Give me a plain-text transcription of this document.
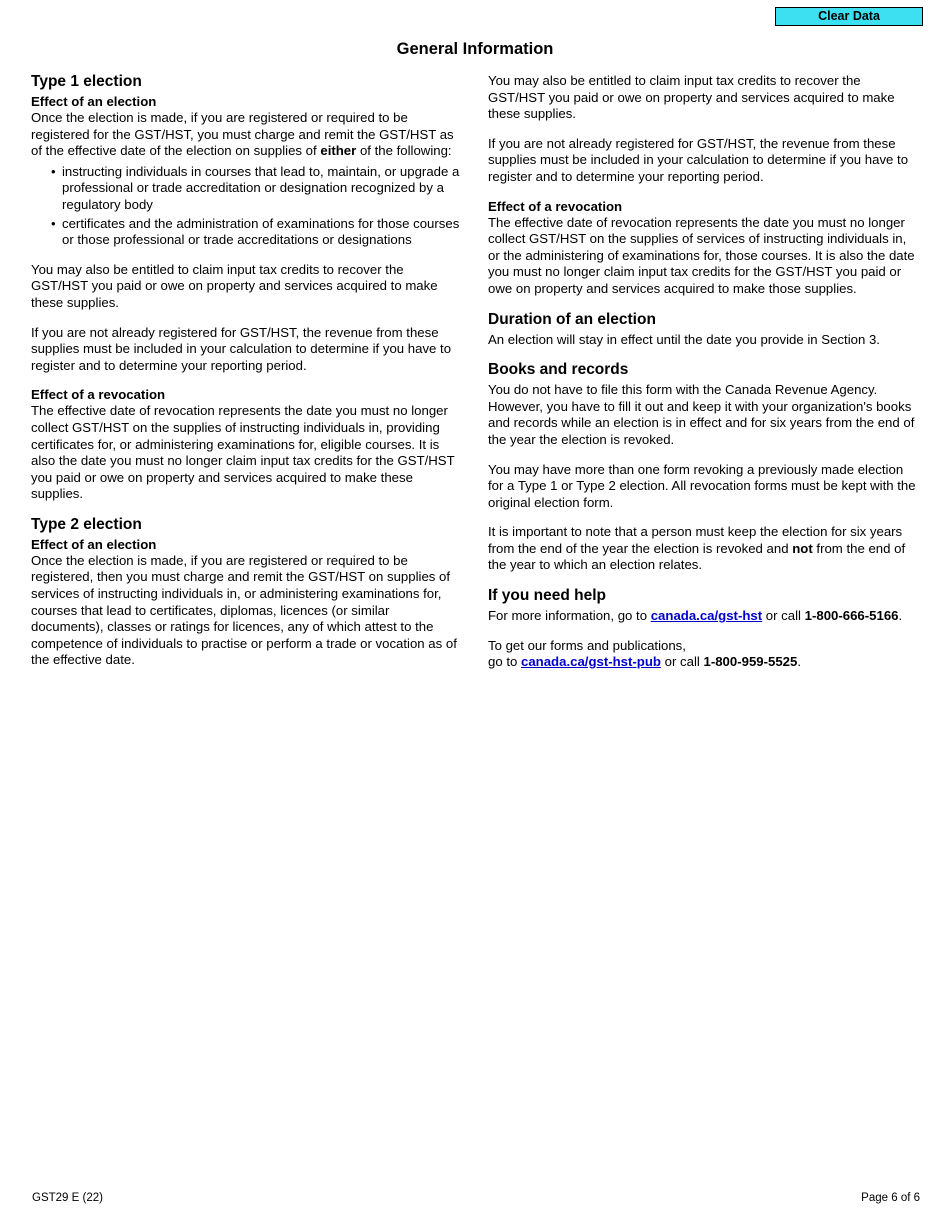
Clear Data
General Information
Type 1 election
Effect of an election

Once the election is made, if you are registered or required to be registered for the GST/HST, you must charge and remit the GST/HST as of the effective date of the election on supplies of either of the following:

• instructing individuals in courses that lead to, maintain, or upgrade a professional or trade accreditation or designation recognized by a regulatory body
• certificates and the administration of examinations for those courses or those professional or trade accreditations or designations

You may also be entitled to claim input tax credits to recover the GST/HST you paid or owe on property and services acquired to make these supplies.

If you are not already registered for GST/HST, the revenue from these supplies must be included in your calculation to determine if you have to register and to determine your reporting period.

Effect of a revocation

The effective date of revocation represents the date you must no longer collect GST/HST on the supplies of instructing individuals in, providing certificates for, or administering examinations for, eligible courses. It is also the date you must no longer claim input tax credits for the GST/HST you paid or owe on property and services acquired to make these supplies.

Type 2 election
Effect of an election

Once the election is made, if you are registered or required to be registered, then you must charge and remit the GST/HST on supplies of services of instructing individuals in, or administering examinations for, courses that lead to certificates, diplomas, licences (or similar documents), classes or ratings for licences, any of which attest to the competence of individuals to practise or perform a trade or vocation as of the effective date.

You may also be entitled to claim input tax credits to recover the GST/HST you paid or owe on property and services acquired to make these supplies.

If you are not already registered for GST/HST, the revenue from these supplies must be included in your calculation to determine if you have to register and to determine your reporting period.

Effect of a revocation

The effective date of revocation represents the date you must no longer collect GST/HST on the supplies of services of instructing individuals in, or the administering of examinations for, those courses. It is also the date you must no longer claim input tax credits for the GST/HST you paid or owe on property and services acquired to make those supplies.

Duration of an election

An election will stay in effect until the date you provide in Section 3.

Books and records

You do not have to file this form with the Canada Revenue Agency. However, you have to fill it out and keep it with your organization's books and records while an election is in effect and for six years from the end of the year the election is revoked.

You may have more than one form revoking a previously made election for a Type 1 or Type 2 election. All revocation forms must be kept with the original election form.

It is important to note that a person must keep the election for six years from the end of the year the election is revoked and not from the end of the year to which an election relates.

If you need help

For more information, go to canada.ca/gst-hst or call 1-800-666-5166.

To get our forms and publications,
go to canada.ca/gst-hst-pub or call 1-800-959-5525.

GST29 E (22)	Page 6 of 6
